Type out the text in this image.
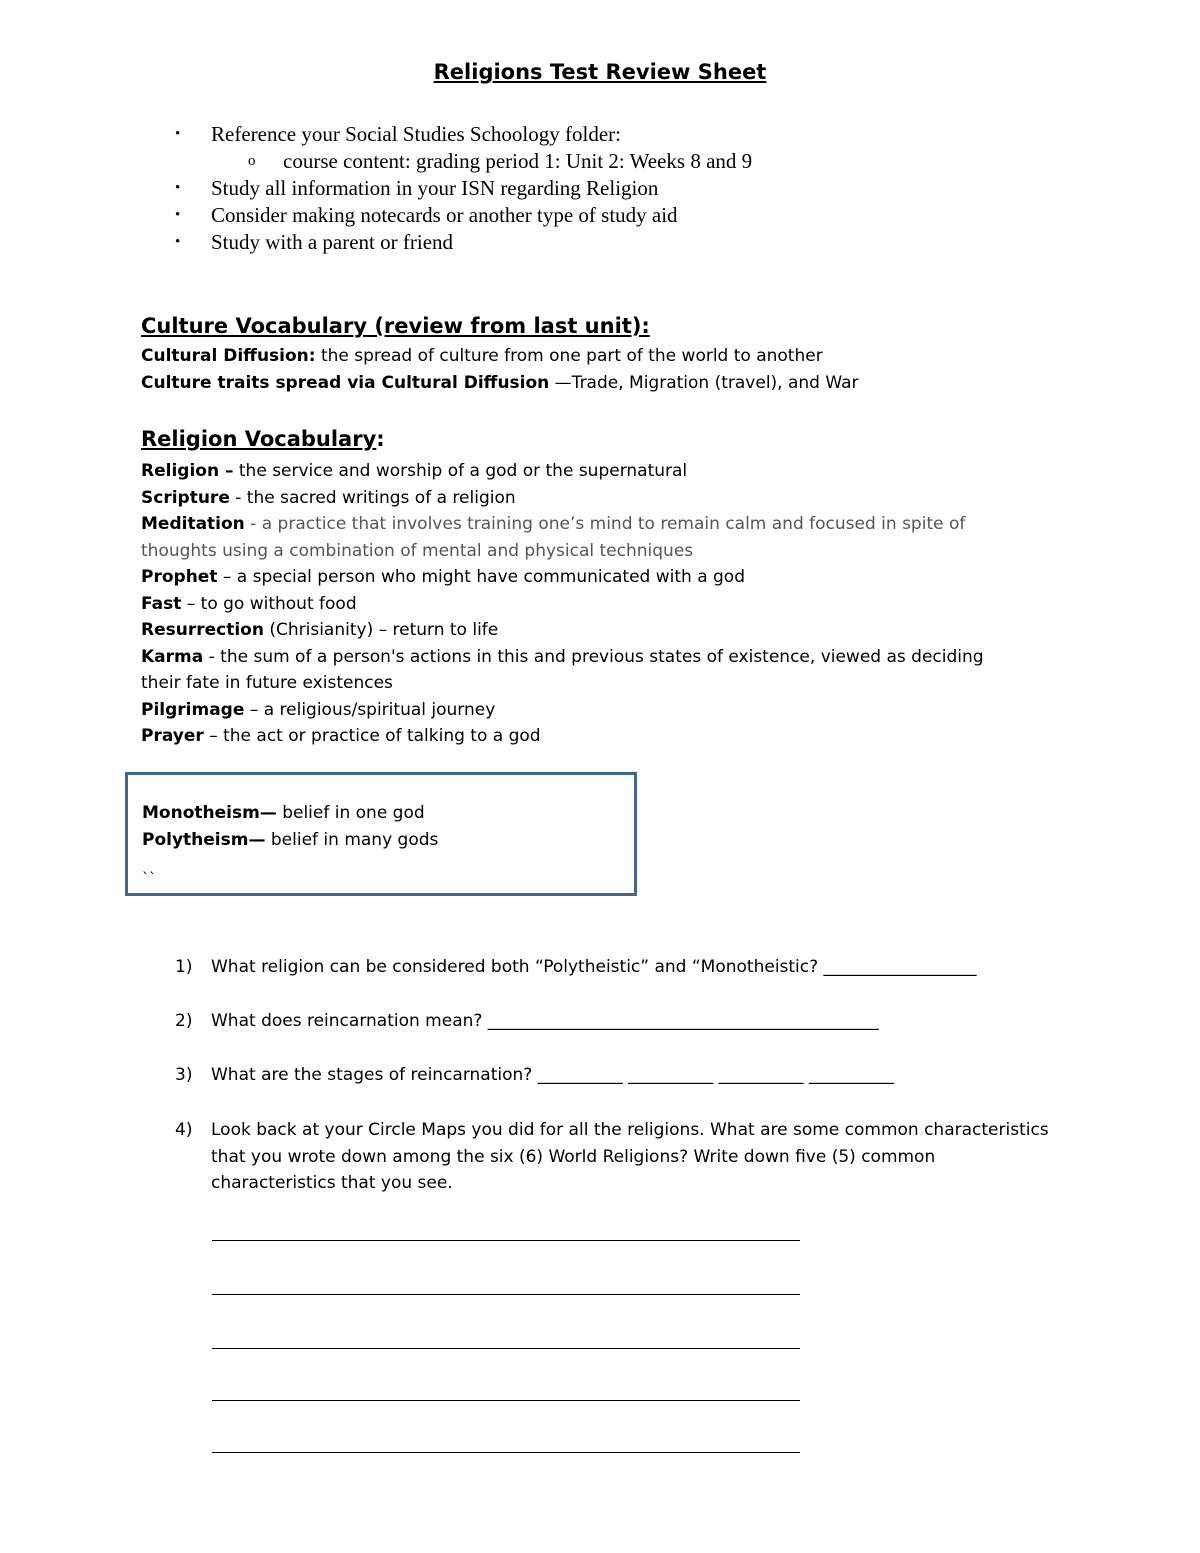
Religions Test Review Sheet
• Reference your Social Studies Schoology folder:
o course content: grading period 1: Unit 2: Weeks 8 and 9
• Study all information in your ISN regarding Religion
• Consider making notecards or another type of study aid
• Study with a parent or friend
Culture Vocabulary (review from last unit):
Cultural Diffusion: the spread of culture from one part of the world to another
Culture traits spread via Cultural Diffusion —Trade, Migration (travel), and War
Religion Vocabulary:
Religion – the service and worship of a god or the supernatural
Scripture - the sacred writings of a religion
Meditation - a practice that involves training one’s mind to remain calm and focused in spite of
thoughts using a combination of mental and physical techniques
Prophet – a special person who might have communicated with a god
Fast – to go without food
Resurrection (Chrisianity) – return to life
Karma - the sum of a person's actions in this and previous states of existence, viewed as deciding
their fate in future existences
Pilgrimage – a religious/spiritual journey
Prayer – the act or practice of talking to a god
Monotheism— belief in one god
Polytheism— belief in many gods
``
1) What religion can be considered both “Polytheistic” and “Monotheistic? __________________
2) What does reincarnation mean? ______________________________________________
3) What are the stages of reincarnation? __________ __________ __________ __________
4) Look back at your Circle Maps you did for all the religions. What are some common characteristics that you wrote down among the six (6) World Religions? Write down five (5) common characteristics that you see.
